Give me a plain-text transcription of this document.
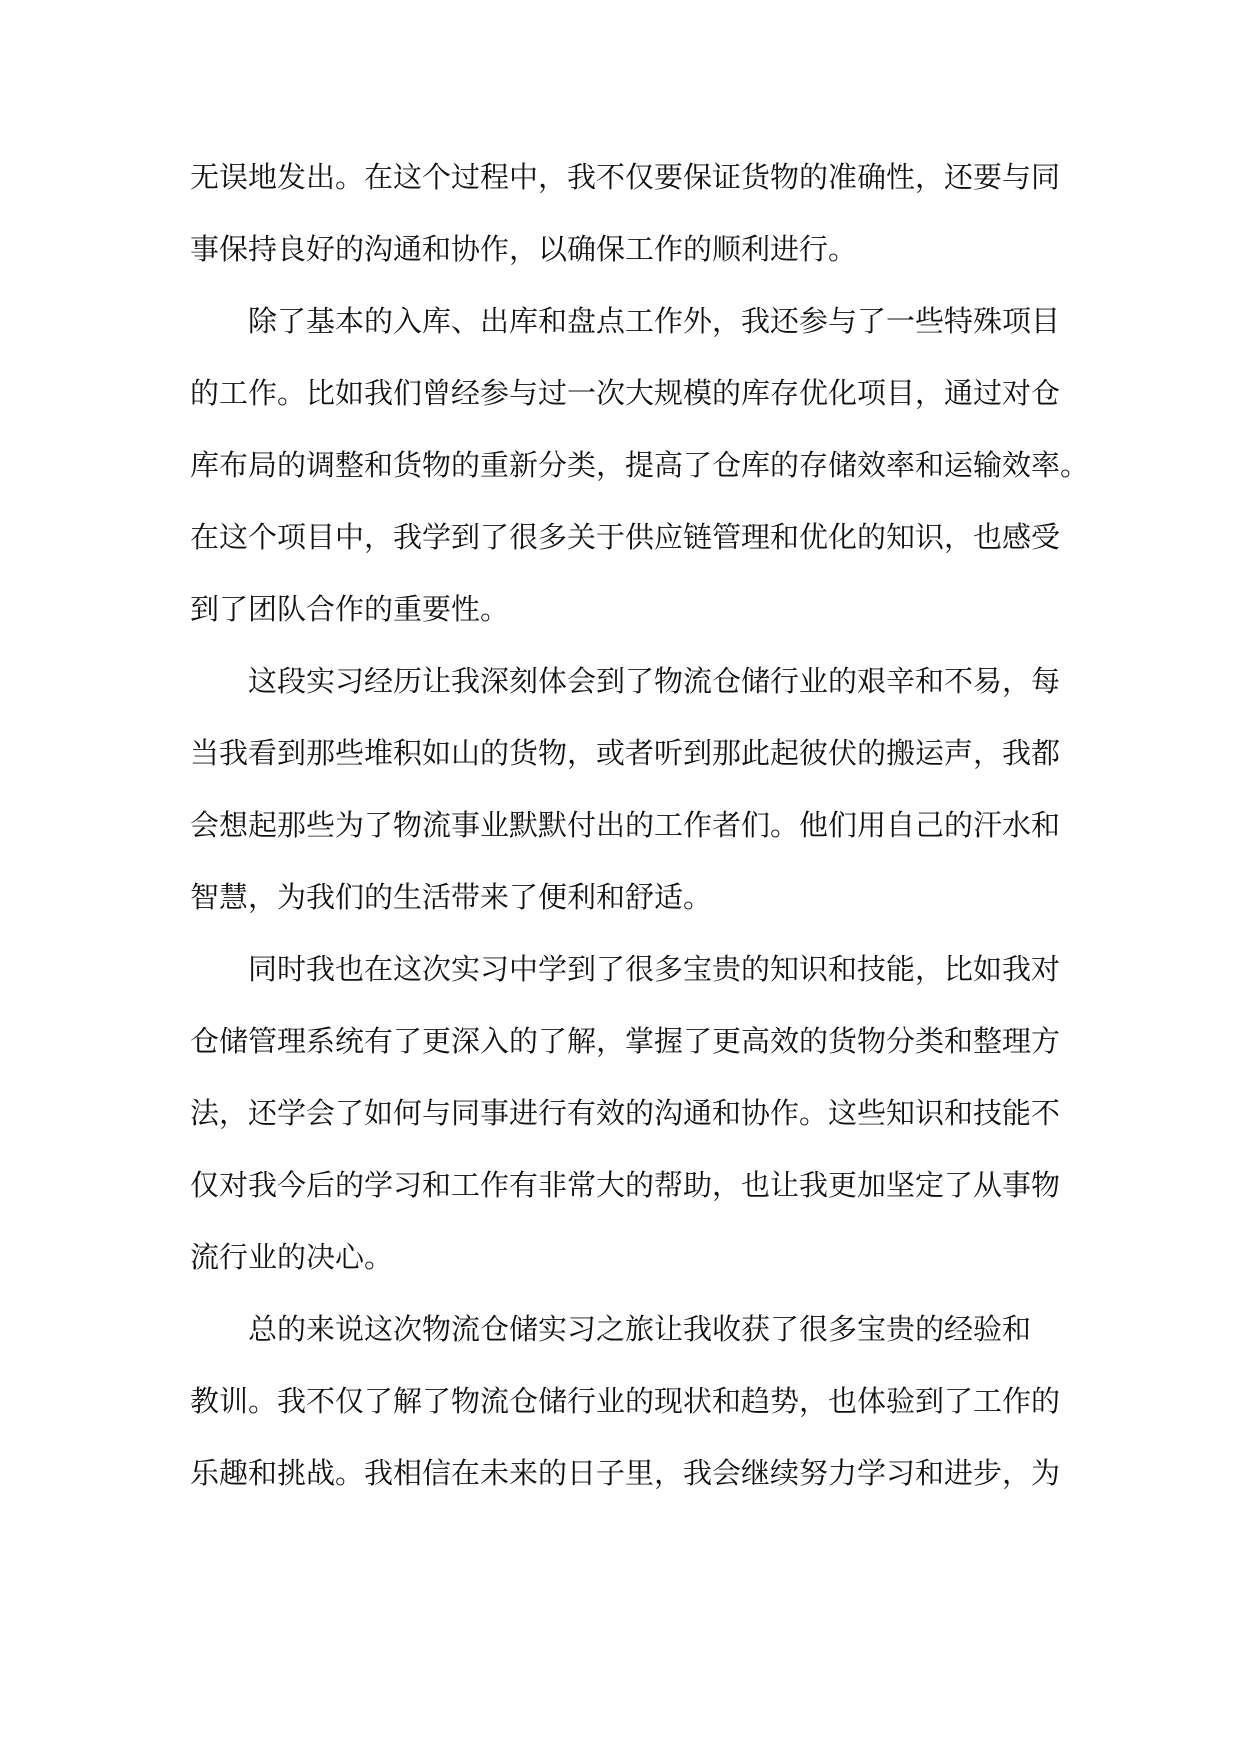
无误地发出。在这个过程中，我不仅要保证货物的准确性，还要与同
事保持良好的沟通和协作，以确保工作的顺利进行。
除了基本的入库、出库和盘点工作外，我还参与了一些特殊项目
的工作。比如我们曾经参与过一次大规模的库存优化项目，通过对仓
库布局的调整和货物的重新分类，提高了仓库的存储效率和运输效率。
在这个项目中，我学到了很多关于供应链管理和优化的知识，也感受
到了团队合作的重要性。
这段实习经历让我深刻体会到了物流仓储行业的艰辛和不易，每
当我看到那些堆积如山的货物，或者听到那此起彼伏的搬运声，我都
会想起那些为了物流事业默默付出的工作者们。他们用自己的汗水和
智慧，为我们的生活带来了便利和舒适。
同时我也在这次实习中学到了很多宝贵的知识和技能，比如我对
仓储管理系统有了更深入的了解，掌握了更高效的货物分类和整理方
法，还学会了如何与同事进行有效的沟通和协作。这些知识和技能不
仅对我今后的学习和工作有非常大的帮助，也让我更加坚定了从事物
流行业的决心。
总的来说这次物流仓储实习之旅让我收获了很多宝贵的经验和
教训。我不仅了解了物流仓储行业的现状和趋势，也体验到了工作的
乐趣和挑战。我相信在未来的日子里，我会继续努力学习和进步，为
